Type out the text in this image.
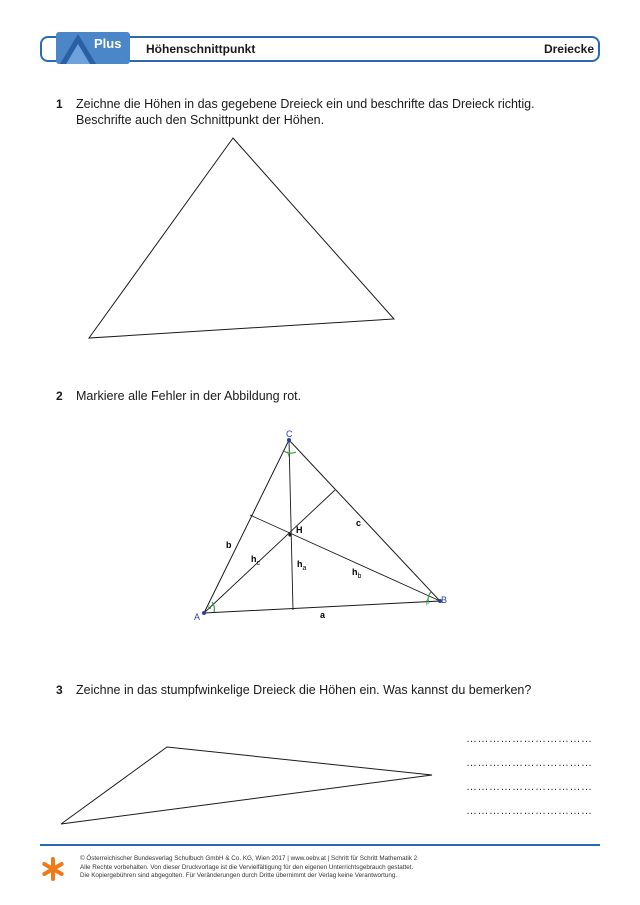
Plus Höhenschnittpunkt	Dreiecke
1 Zeichne die Höhen in das gegebene Dreieck ein und beschrifte das Dreieck richtig.
Beschrifte auch den Schnittpunkt der Höhen.
A
B
C
a
b
c
H
$h_c$	$h_a$	$h_b$
α
β
γ
2 Markiere alle Fehler in der Abbildung rot.
3 Zeichne in das stumpfwinkelige Dreieck die Höhen ein. Was kannst du bemerken?
……………………………
……………………………
……………………………
……………………………
© Österreichischer Bundesverlag Schulbuch GmbH & Co. KG, Wien 2017 | www.oebv.at | Schritt für Schritt Mathematik 2
Alle Rechte vorbehalten. Von dieser Druckvorlage ist die Vervielfältigung für den eigenen Unterrichtsgebrauch gestattet.
Die Kopiergebühren sind abgegolten. Für Veränderungen durch Dritte übernimmt der Verlag keine Verantwortung.
